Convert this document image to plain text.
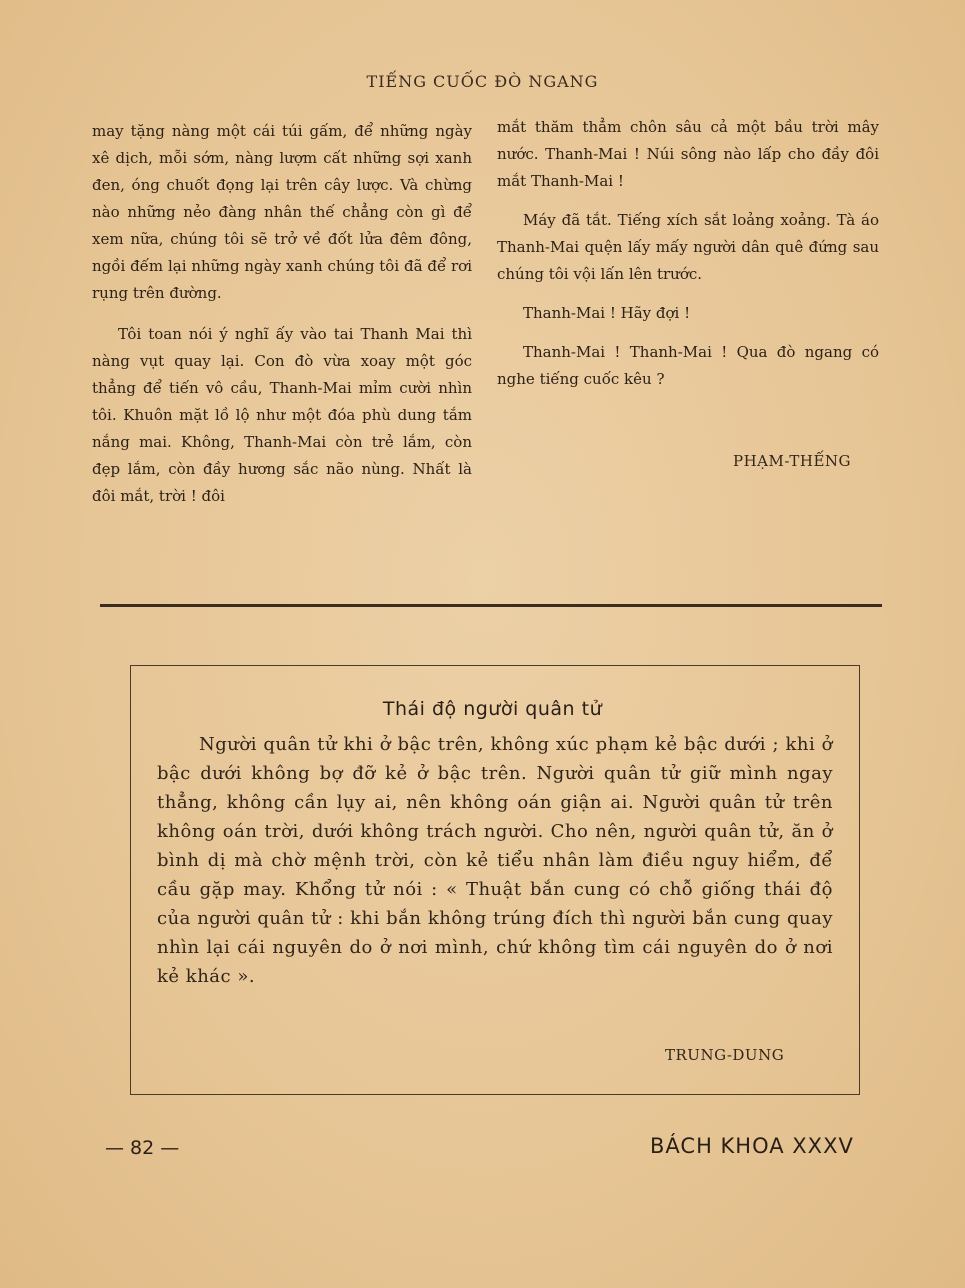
TIẾNG CUỐC ĐÒ NGANG

may tặng nàng một cái túi gấm, để những ngày xê dịch, mỗi sớm, nàng lượm cất những sợi xanh đen, óng chuốt đọng lại trên cây lược. Và chừng nào những nẻo đàng nhân thế chẳng còn gì để xem nữa, chúng tôi sẽ trở về đốt lửa đêm đông, ngồi đếm lại những ngày xanh chúng tôi đã để rơi rụng trên đường.

Tôi toan nói ý nghĩ ấy vào tai Thanh Mai thì nàng vụt quay lại. Con đò vừa xoay một góc thẳng để tiến vô cầu, Thanh-Mai mỉm cười nhìn tôi. Khuôn mặt lồ lộ như một đóa phù dung tắm nắng mai. Không, Thanh-Mai còn trẻ lắm, còn đẹp lắm, còn đầy hương sắc não nùng. Nhất là đôi mắt, trời ! đôi

mắt thăm thẳm chôn sâu cả một bầu trời mây nước. Thanh-Mai ! Núi sông nào lấp cho đầy đôi mắt Thanh-Mai !

Máy đã tắt. Tiếng xích sắt loảng xoảng. Tà áo Thanh-Mai quện lấy mấy người dân quê đứng sau chúng tôi vội lấn lên trước.

Thanh-Mai ! Hãy đợi !

Thanh-Mai ! Thanh-Mai ! Qua đò ngang có nghe tiếng cuốc kêu ?

PHẠM-THẾNG
Thái độ người quân tử
Người quân tử khi ở bậc trên, không xúc phạm kẻ bậc dưới ; khi ở bậc dưới không bợ đỡ kẻ ở bậc trên. Người quân tử giữ mình ngay thẳng, không cần lụy ai, nên không oán giận ai. Người quân tử trên không oán trời, dưới không trách người. Cho nên, người quân tử, ăn ở bình dị mà chờ mệnh trời, còn kẻ tiểu nhân làm điều nguy hiểm, để cầu gặp may. Khổng tử nói : « Thuật bắn cung có chỗ giống thái độ của người quân tử : khi bắn không trúng đích thì người bắn cung quay nhìn lại cái nguyên do ở nơi mình, chứ không tìm cái nguyên do ở nơi kẻ khác ».
TRUNG-DUNG
— 82 —	BÁCH KHOA XXXV
